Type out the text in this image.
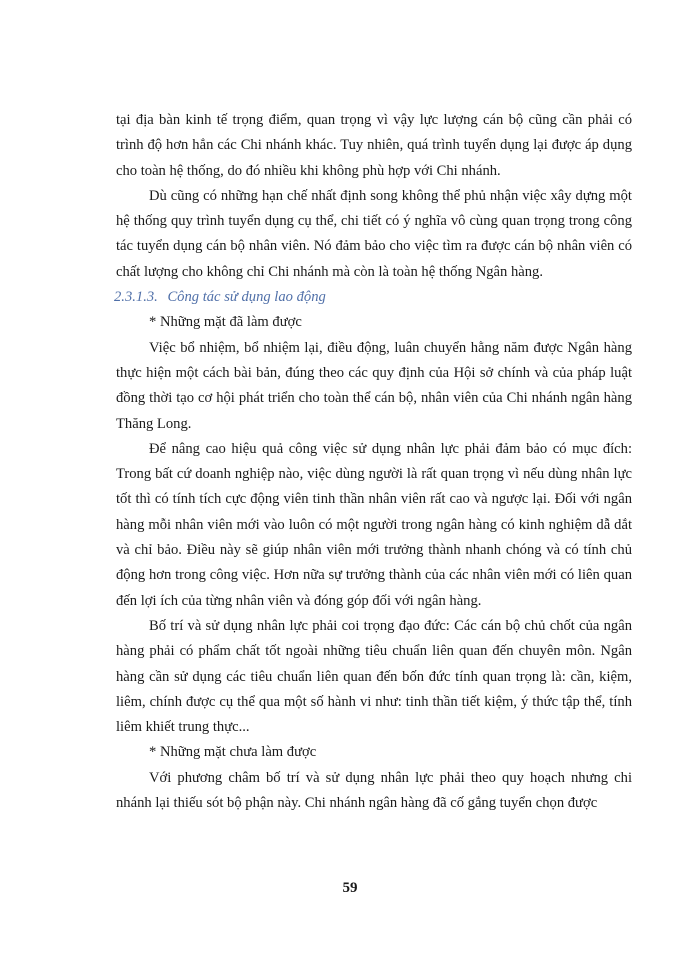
tại địa bàn kinh tế trọng điểm, quan trọng vì vậy lực lượng cán bộ cũng cần phải có trình độ hơn hẳn các Chi nhánh khác. Tuy nhiên, quá trình tuyển dụng lại được áp dụng cho toàn hệ thống, do đó nhiều khi không phù hợp với Chi nhánh.

Dù cũng có những hạn chế nhất định song không thể phủ nhận việc xây dựng một hệ thống quy trình tuyển dụng cụ thể, chi tiết có ý nghĩa vô cùng quan trọng trong công tác tuyển dụng cán bộ nhân viên. Nó đảm bảo cho việc tìm ra được cán bộ nhân viên có chất lượng cho không chỉ Chi nhánh mà còn là toàn hệ thống Ngân hàng.

2.3.1.3. Công tác sử dụng lao động

* Những mặt đã làm được

Việc bổ nhiệm, bổ nhiệm lại, điều động, luân chuyển hằng năm được Ngân hàng thực hiện một cách bài bản, đúng theo các quy định của Hội sở chính và của pháp luật đồng thời tạo cơ hội phát triển cho toàn thể cán bộ, nhân viên của Chi nhánh ngân hàng Thăng Long.

Để nâng cao hiệu quả công việc sử dụng nhân lực phải đảm bảo có mục đích: Trong bất cứ doanh nghiệp nào, việc dùng người là rất quan trọng vì nếu dùng nhân lực tốt thì có tính tích cực động viên tinh thần nhân viên rất cao và ngược lại. Đối với ngân hàng mỗi nhân viên mới vào luôn có một người trong ngân hàng có kinh nghiệm dẫ dắt và chỉ bảo. Điều này sẽ giúp nhân viên mới trưởng thành nhanh chóng và có tính chủ động hơn trong công việc. Hơn nữa sự trưởng thành của các nhân viên mới có liên quan đến lợi ích của từng nhân viên và đóng góp đối với ngân hàng.

Bố trí và sử dụng nhân lực phải coi trọng đạo đức: Các cán bộ chủ chốt của ngân hàng phải có phẩm chất tốt ngoài những tiêu chuẩn liên quan đến chuyên môn. Ngân hàng cần sử dụng các tiêu chuẩn liên quan đến bốn đức tính quan trọng là: cần, kiệm, liêm, chính được cụ thể qua một số hành vi như: tinh thần tiết kiệm, ý thức tập thể, tính liêm khiết trung thực...

* Những mặt chưa làm được

Với phương châm bố trí và sử dụng nhân lực phải theo quy hoạch nhưng chi nhánh lại thiếu sót bộ phận này. Chi nhánh ngân hàng đã cố gắng tuyển chọn được

59
